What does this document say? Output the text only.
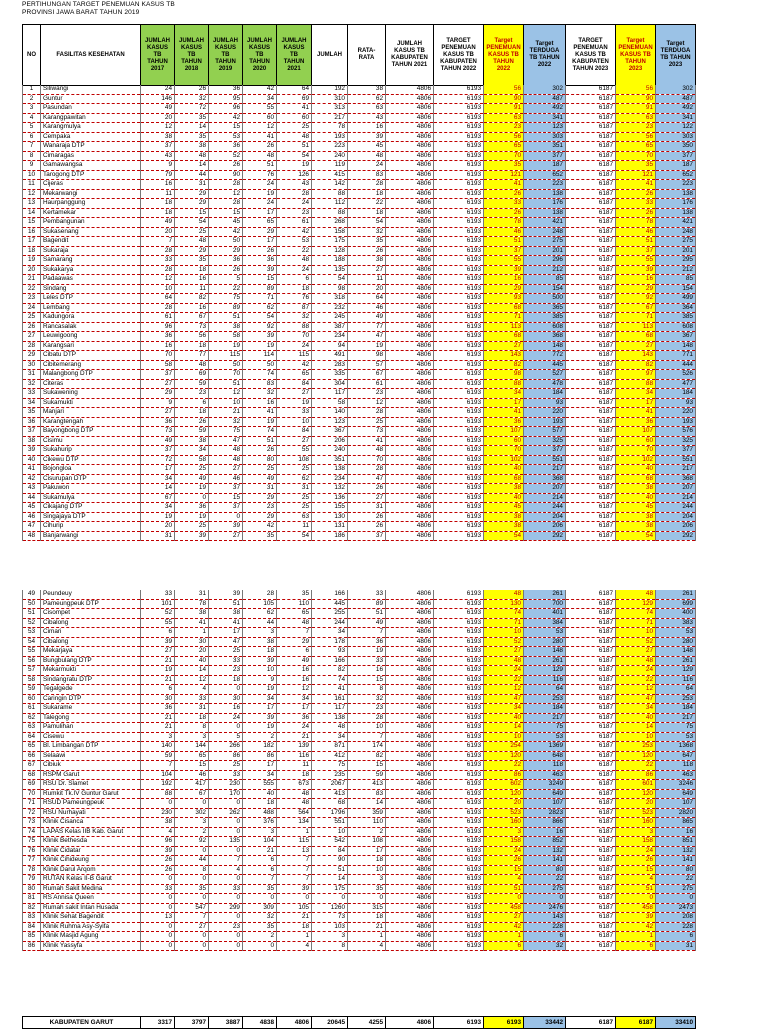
PERTIHUNGAN TARGET PENEMUAN KASUS TB
PROVINSI JAWA BARAT TAHUN 2019
NO	FASILITAS KESEHATAN	JUMLAH KASUS TB TAHUN 2017	JUMLAH KASUS TB TAHUN 2018	JUMLAH KASUS TB TAHUN 2019	JUMLAH KASUS TB TAHUN 2020	JUMLAH KASUS TB TAHUN 2021	JUMLAH	RATA-RATA	JUMLAH KASUS TB KABUPATEN TAHUN 2021	TARGET PENEMUAN KASUS TB KABUPATEN TAHUN 2022	Target PENEMUAN KASUS TB TAHUN 2022	Target TERDUGA TB TAHUN 2022	TARGET PENEMUAN KASUS TB KABUPATEN TAHUN 2023	Target PENEMUAN KASUS TB TAHUN 2023	Target TERDUGA TB TAHUN 2023
1	Siliwangi	24	26	36	42	64	192	38	4806	6193	56	302	6187	56	302
2	Guntur	146	32	95	34	69	310	62	4806	6193	90	487	6187	90	487
3	Pasundan	49	72	96	55	41	313	63	4806	6193	91	492	6187	91	492
4	Karangpawitan	20	35	42	60	60	217	43	4806	6193	63	341	6187	63	341
5	Karangmulya	12	14	15	12	25	78	16	4806	6193	23	123	6187	23	122
6	Cempaka	38	35	53	41	48	193	39	4806	6193	56	303	6187	56	303
7	Wanaraja DTP	37	38	36	26	51	223	45	4806	6193	65	351	6187	65	350
8	Cimaragas	43	48	52	48	54	240	48	4806	6193	70	377	6187	70	377
9	Gamawangsa	9	14	26	51	19	119	24	4806	6193	35	187	6187	35	187
10	Tarogong DTP	79	44	90	76	126	415	83	4806	6193	121	652	6187	121	652
11	Cijeras	16	31	28	24	43	142	28	4806	6193	41	223	6187	41	223
12	Mekarwangi	11	29	12	19	28	88	18	4806	6193	26	138	6187	26	138
13	Haurpanggung	18	29	28	24	24	112	22	4806	6193	33	176	6187	33	176
14	Kertamekar	18	15	15	17	23	88	18	4806	6193	26	138	6187	26	138
15	Pembangunan	49	54	45	65	61	268	54	4806	6193	78	421	6187	78	421
16	Sukasenang	20	25	42	29	42	158	32	4806	6193	46	248	6187	46	248
17	Bagendit	7	48	50	17	53	175	35	4806	6193	51	275	6187	51	275
18	Sukaraja	28	29	29	26	22	128	26	4806	6193	37	201	6187	37	201
19	Samarang	33	35	36	36	48	188	38	4806	6193	55	296	6187	55	295
20	Sukakarya	28	18	26	39	24	135	27	4806	6193	39	212	6187	39	212
21	Padaawas	12	16	5	15	6	54	11	4806	6193	16	85	6187	16	85
22	Sindang	10	11	22	89	18	98	20	4806	6193	29	154	6187	29	154
23	Leles DTP	64	82	75	71	76	318	64	4806	6193	93	500	6187	92	499
24	Lembang	28	16	89	62	87	232	46	4806	6193	68	365	6187	67	364
25	Kadungora	61	67	51	54	32	245	49	4806	6193	71	385	6187	71	385
26	Rancasalak	96	73	38	92	88	387	77	4806	6193	113	608	6187	113	608
27	Leuwigoong	36	56	58	39	70	234	47	4806	6193	68	368	6187	68	367
28	Karangsari	16	18	19	19	24	94	19	4806	6193	27	148	6187	27	148
29	Cibatu DTP	70	77	115	114	115	491	98	4806	6193	143	772	6187	143	771
30	Cibitemerang	58	48	50	50	42	283	57	4806	6193	82	445	6187	82	444
31	Malangbong DTP	37	69	70	74	65	335	67	4806	6193	98	527	6187	97	526
32	Citeras	27	59	51	83	84	304	61	4806	6193	88	478	6187	88	477
33	Sukawening	29	23	12	32	27	117	23	4806	6193	34	184	6187	34	184
34	Sukamukti	9	6	10	16	19	58	12	4806	6193	17	93	6187	17	93
35	Manjari	27	18	21	41	33	140	28	4806	6193	41	220	6187	41	220
36	Karangtengah	36	26	32	19	10	123	25	4806	6193	36	193	6187	36	193
37	Bayongbong DTP	73	59	75	74	84	367	73	4806	6193	107	577	6187	107	576
38	Cisimu	49	38	47	51	27	206	41	4806	6193	60	325	6187	60	325
39	Sukahurip	37	34	48	26	55	240	48	4806	6193	70	377	6187	70	377
40	Cikewu DTP	72	58	48	80	108	351	70	4806	6193	102	551	6187	102	551
41	Bojongloa	17	25	27	25	25	138	28	4806	6193	40	217	6187	40	217
42	Cisurupan DTP	34	49	46	49	62	234	47	4806	6193	68	368	6187	68	368
43	Pakuwon	14	19	37	31	31	132	26	4806	6193	38	207	6187	38	207
44	Sukamulya	67	0	15	29	25	136	27	4806	6193	40	214	6187	40	214
45	Cikajang DTP	34	36	37	23	25	155	31	4806	6193	45	244	6187	45	244
46	Singajaya DTP	19	19	0	29	63	130	26	4806	6193	38	204	6187	38	204
47	Cihurip	20	25	39	42	11	131	26	4806	6193	38	206	6187	38	206
48	Banjarwangi	31	39	27	35	54	186	37	4806	6193	54	292	6187	54	292
49	Peundeuy	33	31	39	28	35	166	33	4806	6193	48	261	6187	48	261
50	Pameungpeuk DTP	101	78	51	105	110	445	89	4806	6193	130	700	6187	129	699
51	Cisompet	52	38	38	62	65	255	51	4806	6193	74	401	6187	74	400
52	Cibalong	55	41	41	44	48	244	49	4806	6193	71	384	6187	71	383
53	Cimari	6	1	17	3	7	34	7	4806	6193	10	53	6187	10	53
54	Cibalong	39	30	47	38	29	178	36	4806	6193	52	280	6187	52	280
55	Mekarjaya	27	20	25	18	6	93	19	4806	6193	27	148	6187	27	148
56	Bungbulang DTP	21	40	33	39	49	166	33	4806	6193	48	261	6187	48	261
57	Mekarmukti	19	14	23	10	16	82	16	4806	6193	24	129	6187	24	129
58	Sindangratu DTP	21	12	18	9	16	74	15	4806	6193	22	116	6187	22	116
59	Tegalgede	6	4	0	19	12	41	8	4806	6193	12	64	6187	12	64
60	Caringin DTP	30	33	30	34	34	161	32	4806	6193	47	253	6187	47	253
61	Sukarame	36	31	16	17	17	117	23	4806	6193	34	184	6187	34	184
62	Talegong	21	18	24	39	36	138	28	4806	6193	40	217	6187	40	217
63	Pamulihan	21	8	0	19	24	48	10	4806	6193	14	75	6187	14	75
64	Cisewu	3	3	5	2	21	34	7	4806	6193	10	53	6187	10	53
65	Bl. Limbangan DTP	140	144	266	182	139	871	174	4806	6193	254	1369	6187	253	1368
66	Selaawi	59	65	86	86	116	412	82	4806	6193	120	648	6187	120	647
67	Cibiuk	7	15	25	17	11	75	15	4806	6193	22	118	6187	22	118
68	RSPM Garut	104	46	33	34	18	235	59	4806	6193	86	463	6187	86	463
69	RSU Dr. Slamet	192	417	230	555	673	2067	413	4806	6193	602	3249	6187	601	3246
70	Rumkit Tk.IV Guntur Garut	88	67	170	40	48	413	83	4806	6193	120	649	6187	120	649
71	RSUD Pameungpeuk	0	0	0	18	48	68	14	4806	6193	20	107	6187	20	107
72	RSU Nurhayati	230	302	262	488	564	1796	359	4806	6193	523	2823	6187	523	2820
73	Klinik Cisanca	38	3	0	376	134	551	110	4806	6193	160	866	6187	160	865
74	LAPAS Kelas IIB Kab. Garut	4	2	0	3	1	10	2	4806	6193	3	16	6187	3	16
75	Klinik Bethesda	96	92	135	104	115	542	108	4806	6193	158	852	6187	158	851
76	Klinik Cidatar	39	0	0	21	13	84	17	4806	6193	24	132	6187	24	132
77	Klinik Cihideung	26	44	7	6	7	90	18	4806	6193	26	141	6187	26	141
78	Klinik Darul Arqom	26	8	4	6	7	51	10	4806	6193	15	80	6187	15	80
79	RUTAN Kelas II-B Garut	0	0	0	7	7	14	3	4806	6193	4	22	6187	4	22
80	Rumah Sakit Medina	33	35	33	35	39	175	35	4806	6193	51	275	6187	51	275
81	RS Annisa Queen	0	0	0	0	0	0	0	4806	6193	0	0	6187	0	0
82	Rumah sakit Intan Husada	0	547	299	309	105	1260	315	4806	6193	458	2476	6187	458	2473
83	Klinik Sehat Bagendit	13	7	0	32	21	73	18	4806	6193	27	143	6187	39	208
84	Klinik Ruhma Asy-Syifa	0	27	23	35	18	103	21	4806	6193	42	228	6187	42	228
85	Klinik Masjid Agung	0	0	0	2	1	3	1	4806	6193	1	6	6187	1	6
86	Klinik Yassyfa	0	0	0	0	4	8	4	4806	6193	6	32	6187	6	31
KABUPATEN GARUT	3317	3797	3887	4838	4806	20645	4255	4806	6193	6193	33442	6187	6187	33410
